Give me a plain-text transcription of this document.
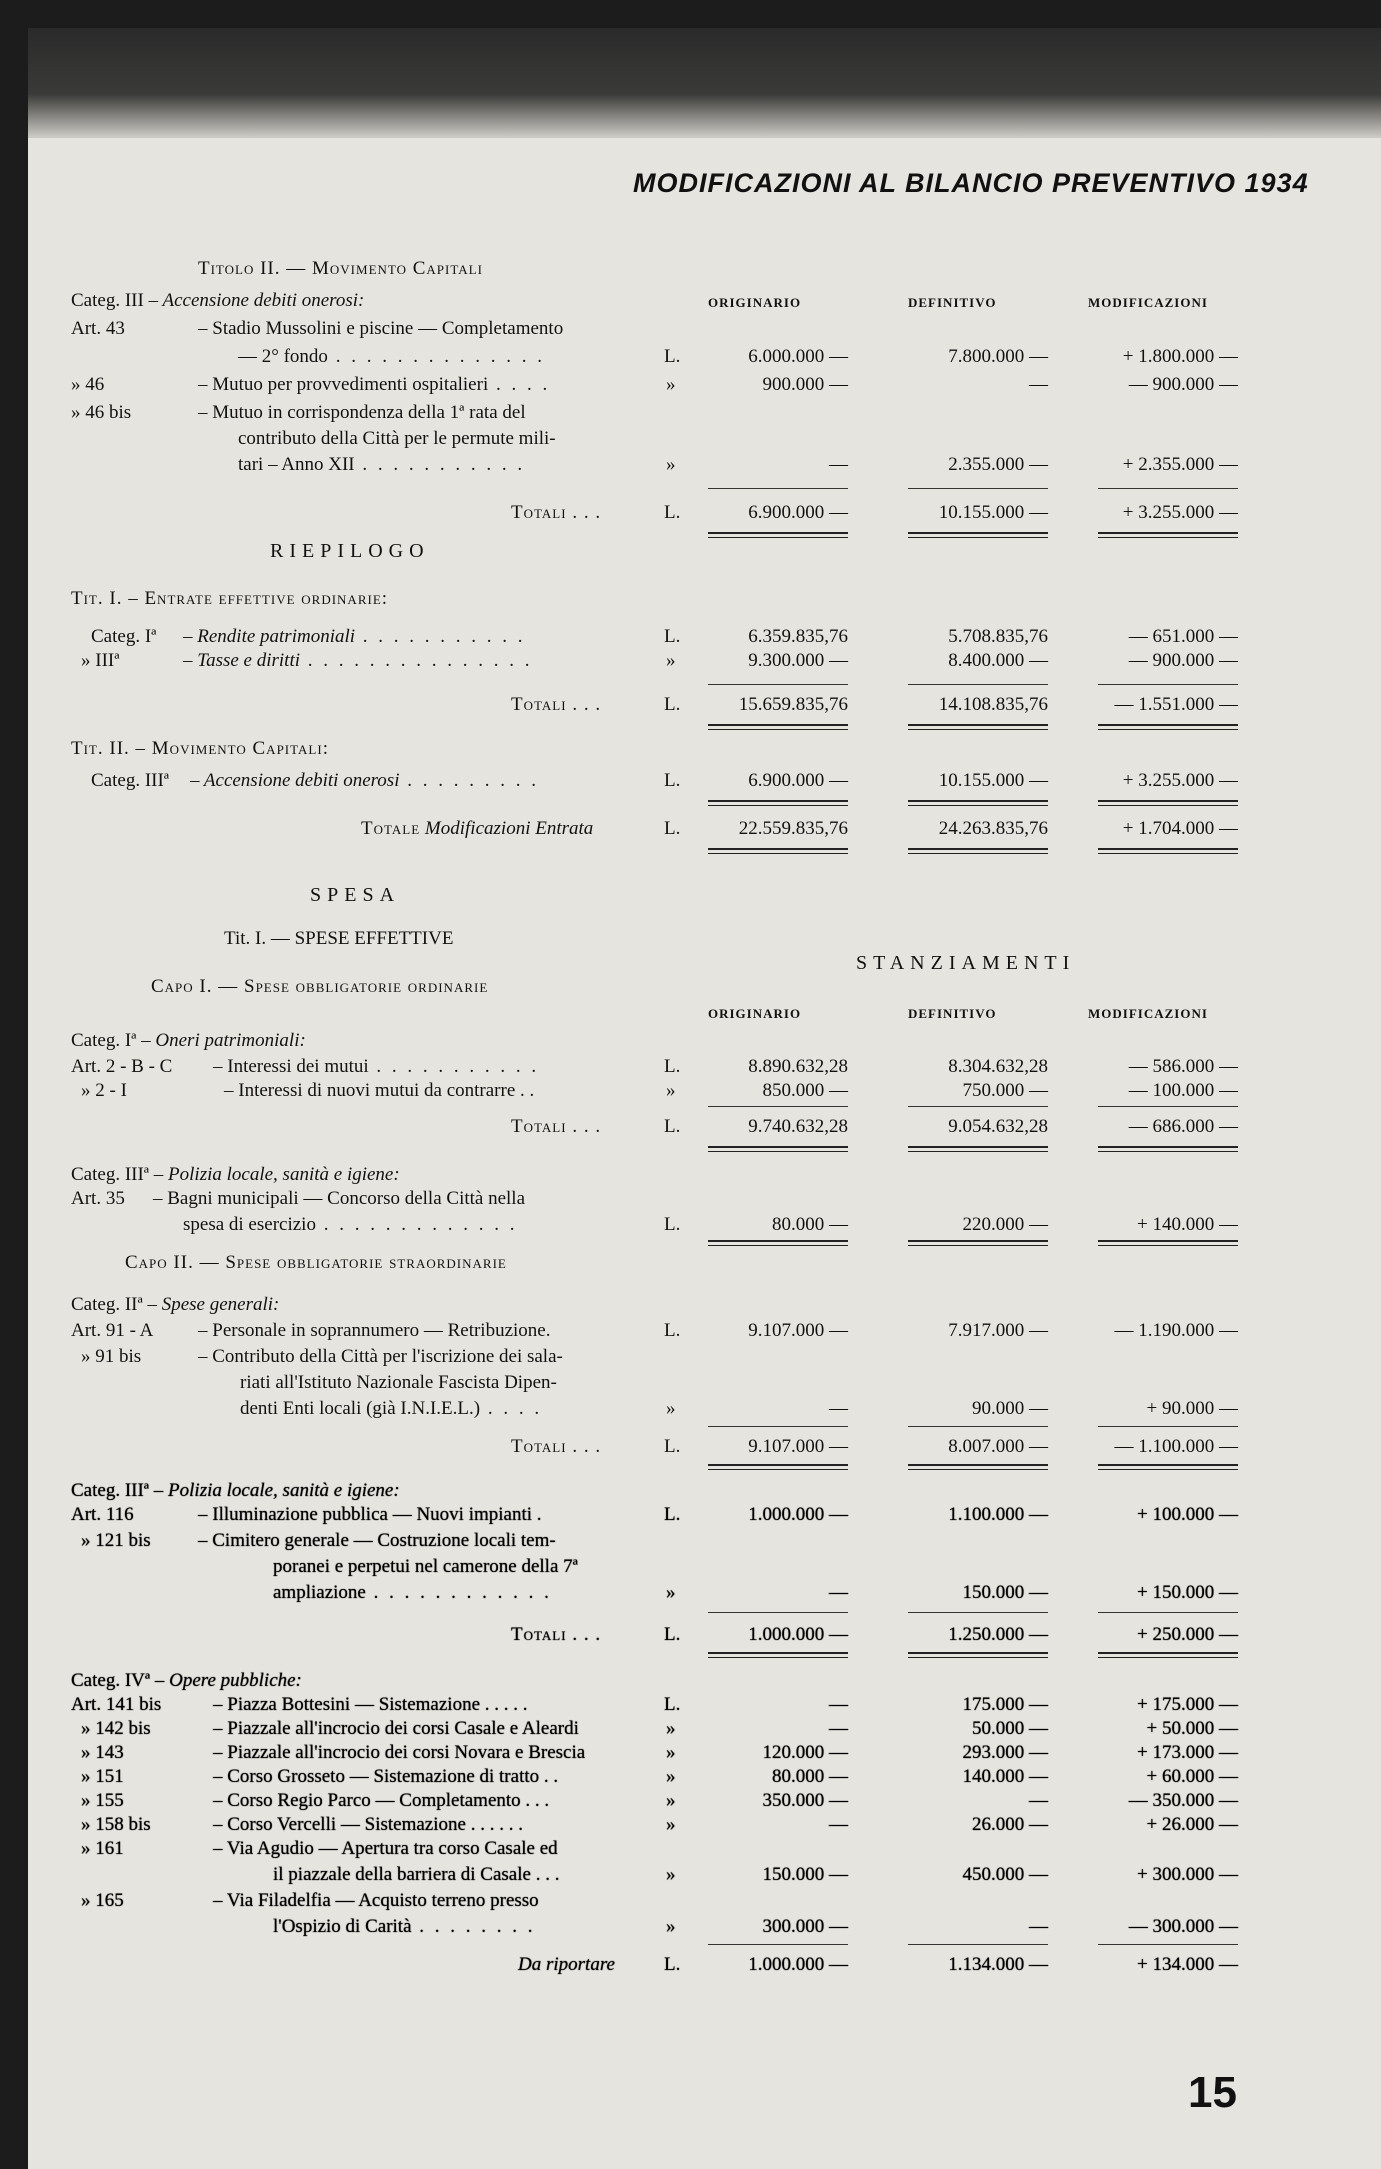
MODIFICAZIONI AL BILANCIO PREVENTIVO 1934
Titolo II. — Movimento Capitali
Categ. III – Accensione debiti onerosi:	ORIGINARIO	DEFINITIVO	MODIFICAZIONI
Art. 43	– Stadio Mussolini e piscine — Completamento
— 2° fondo . . . . . . . . . . . . . .	L.	6.000.000 —	7.800.000 —	+ 1.800.000 —
» 46	– Mutuo per provvedimenti ospitalieri . . . .	»	900.000 —	—	— 900.000 —
» 46 bis	– Mutuo in corrispondenza della 1ª rata del
contributo della Città per le permute mili-
tari – Anno XII . . . . . . . . . . .	»	—	2.355.000 —	+ 2.355.000 —
Totali . . .	L.	6.900.000 —	10.155.000 —	+ 3.255.000 —
RIEPILOGO
Tit. I. – Entrate effettive ordinarie:
Categ. Iª – Rendite patrimoniali . . . . . . . . . . .	L.	6.359.835,76	5.708.835,76	— 651.000 —
» IIIª	– Tasse e diritti . . . . . . . . . . . . . . .	»	9.300.000 —	8.400.000 —	— 900.000 —
Totali . . .	L.	15.659.835,76	14.108.835,76	— 1.551.000 —
Tit. II. – Movimento Capitali:
Categ. IIIª – Accensione debiti onerosi . . . . . . . . .	L.	6.900.000 —	10.155.000 —	+ 3.255.000 —
Totale Modificazioni Entrata	L.	22.559.835,76	24.263.835,76	+ 1.704.000 —
SPESA
Tit. I. — SPESE EFFETTIVE
STANZIAMENTI
Capo I. — Spese obbligatorie ordinarie
ORIGINARIO	DEFINITIVO	MODIFICAZIONI
Categ. Iª – Oneri patrimoniali:
Art. 2 - B - C – Interessi dei mutui . . . . . . . . . . .	L.	8.890.632,28	8.304.632,28	— 586.000 —
» 2 - I	– Interessi di nuovi mutui da contrarre . .	»	850.000 —	750.000 —	— 100.000 —
Totali . . .	L.	9.740.632,28	9.054.632,28	— 686.000 —
Categ. IIIª – Polizia locale, sanità e igiene:
Art. 35 – Bagni municipali — Concorso della Città nella
spesa di esercizio . . . . . . . . . . . . .	L.	80.000 —	220.000 —	+ 140.000 —
Capo II. — Spese obbligatorie straordinarie
Categ. IIª – Spese generali:
Art. 91 - A – Personale in soprannumero — Retribuzione.	L.	9.107.000 —	7.917.000 —	— 1.190.000 —
» 91 bis	– Contributo della Città per l'iscrizione dei sala-
riati all'Istituto Nazionale Fascista Dipen-
denti Enti locali (già I.N.I.E.L.) . . . .	»	—	90.000 —	+ 90.000 —
Totali . . .	L.	9.107.000 —	8.007.000 —	— 1.100.000 —
Categ. IIIª – Polizia locale, sanità e igiene:
Art. 116	– Illuminazione pubblica — Nuovi impianti .	L.	1.000.000 —	1.100.000 —	+ 100.000 —
» 121 bis – Cimitero generale — Costruzione locali tem-
poranei e perpetui nel camerone della 7ª
ampliazione . . . . . . . . . . . .	»	—	150.000 —	+ 150.000 —
Totali . . .	L.	1.000.000 —	1.250.000 —	+ 250.000 —
Categ. IVª – Opere pubbliche:
Art. 141 bis	– Piazza Bottesini — Sistemazione . . . . .	L.	—	175.000 —	+ 175.000 —
» 142 bis	– Piazzale all'incrocio dei corsi Casale e Aleardi	»	—	50.000 —	+ 50.000 —
» 143	– Piazzale all'incrocio dei corsi Novara e Brescia	»	120.000 —	293.000 —	+ 173.000 —
» 151	– Corso Grosseto — Sistemazione di tratto . .	»	80.000 —	140.000 —	+ 60.000 —
» 155	– Corso Regio Parco — Completamento . . .	»	350.000 —	—	— 350.000 —
» 158 bis	– Corso Vercelli — Sistemazione . . . . . .	»	—	26.000 —	+ 26.000 —
» 161	– Via Agudio — Apertura tra corso Casale ed
il piazzale della barriera di Casale . . .	»	150.000 —	450.000 —	+ 300.000 —
» 165	– Via Filadelfia — Acquisto terreno presso
l'Ospizio di Carità . . . . . . . .	»	300.000 —	—	— 300.000 —
Da riportare	L.	1.000.000 —	1.134.000 —	+ 134.000 —
15
